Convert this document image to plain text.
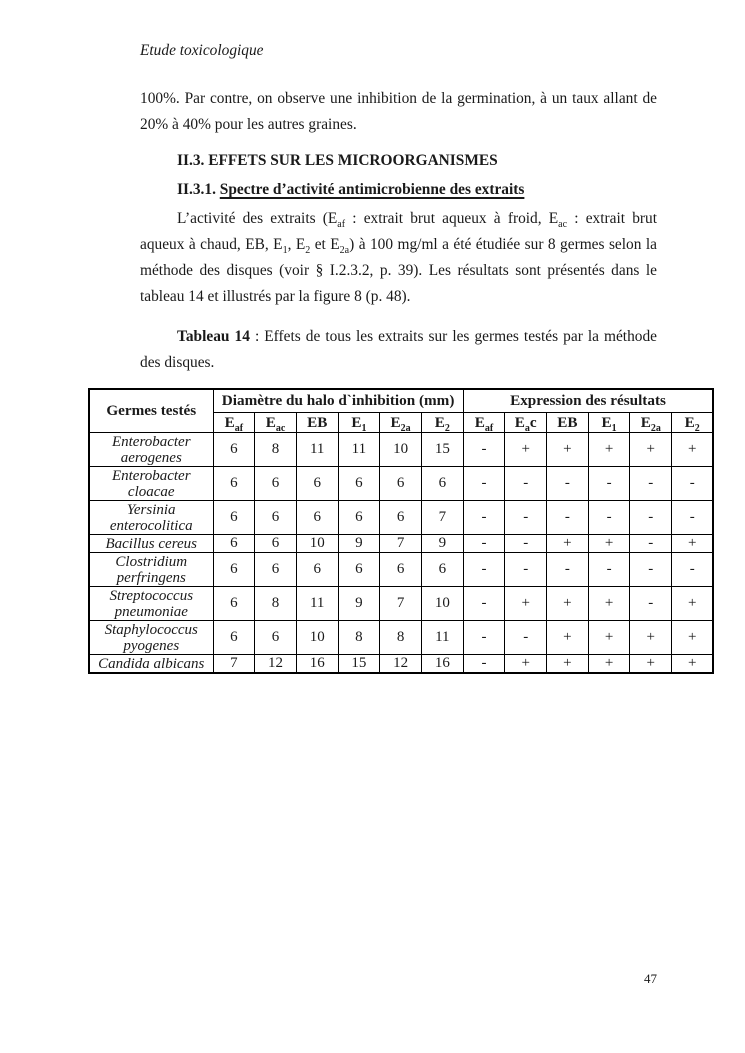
Etude toxicologique

100%. Par contre, on observe une inhibition de la germination, à un taux allant de 20% à 40% pour les autres graines.

II.3. EFFETS SUR LES MICROORGANISMES
II.3.1. Spectre d’activité antimicrobienne des extraits

L’activité des extraits ($E_{af}$ : extrait brut aqueux à froid, $E_{ac}$ : extrait brut aqueux à chaud, EB, $E_1$, $E_2$ et $E_{2a}$) à 100 mg/ml a été étudiée sur 8 germes selon la méthode des disques (voir § I.2.3.2, p. 39). Les résultats sont présentés dans le tableau 14 et illustrés par la figure 8 (p. 48).

Tableau 14 : Effets de tous les extraits sur les germes testés par la méthode des disques.

Germes testés	Diamètre du halo d`inhibition (mm)						Expression des résultats					
	$E_{af}$	$E_{ac}$	EB	$E_1$	$E_{2a}$	$E_2$	$E_{af}$	$E_ac$	EB	$E_1$	$E_{2a}$	$E_2$
Enterobacter aerogenes	6	8	11	11	10	15	-	+	+	+	+	+
Enterobacter cloacae	6	6	6	6	6	6	-	-	-	-	-	-
Yersinia enterocolitica	6	6	6	6	6	7	-	-	-	-	-	-
Bacillus cereus	6	6	10	9	7	9	-	-	+	+	-	+
Clostridium perfringens	6	6	6	6	6	6	-	-	-	-	-	-
Streptococcus pneumoniae	6	8	11	9	7	10	-	+	+	+	-	+
Staphylococcus pyogenes	6	6	10	8	8	11	-	-	+	+	+	+
Candida albicans	7	12	16	15	12	16	-	+	+	+	+	+
47
